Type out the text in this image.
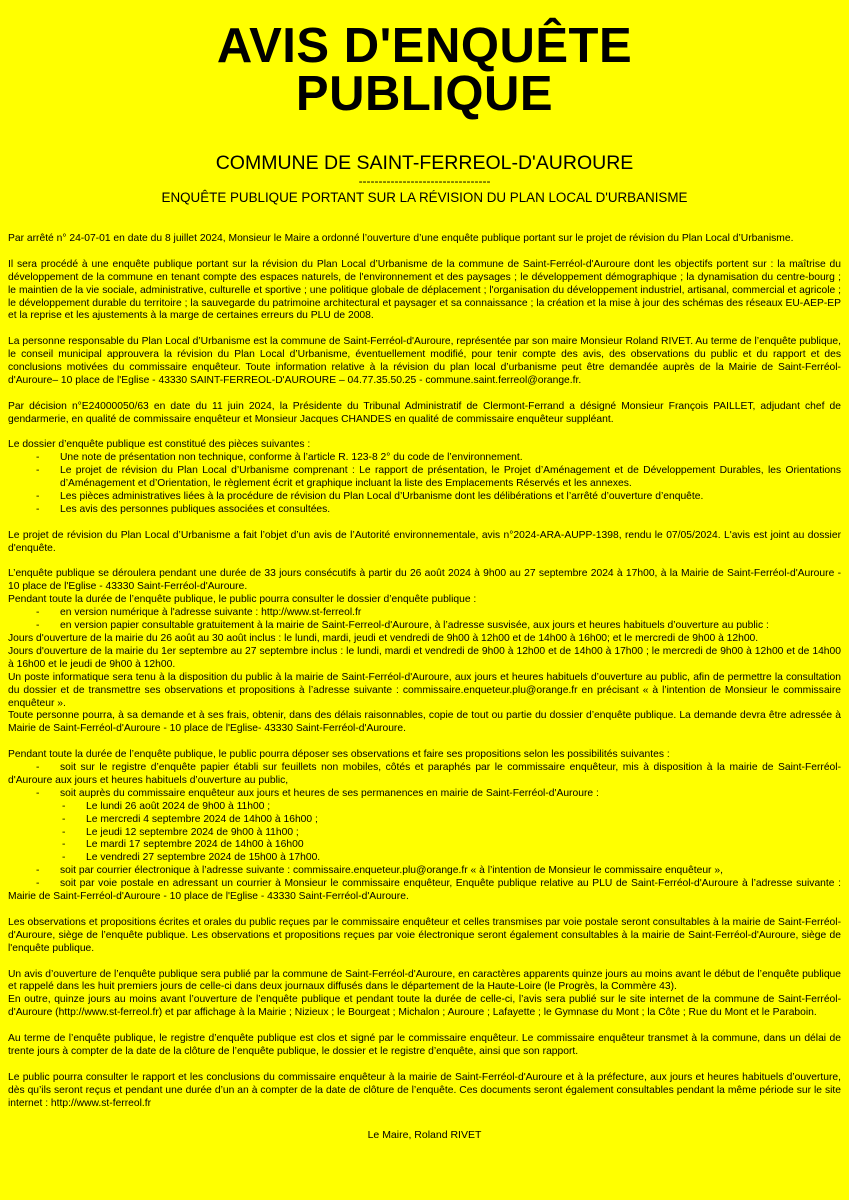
AVIS D'ENQUÊTE
PUBLIQUE
COMMUNE DE SAINT-FERREOL-D'AUROURE
---------------------------------
ENQUÊTE PUBLIQUE PORTANT SUR LA RÉVISION DU PLAN LOCAL D'URBANISME

Par arrêté n° 24-07-01 en date du 8 juillet 2024, Monsieur le Maire a ordonné l’ouverture d’une enquête publique portant sur le projet de révision du Plan Local d’Urbanisme.

Il sera procédé à une enquête publique portant sur la révision du Plan Local d’Urbanisme de la commune de Saint-Ferréol-d'Auroure dont les objectifs portent sur : la maîtrise du développement de la commune en tenant compte des espaces naturels, de l'environnement et des paysages ; le développement démographique ; la dynamisation du centre-bourg ; le maintien de la vie sociale, administrative, culturelle et sportive ; une politique globale de déplacement ; l'organisation du développement industriel, artisanal, commercial et agricole ; le développement durable du territoire ; la sauvegarde du patrimoine architectural et paysager et sa connaissance ; la création et la mise à jour des schémas des réseaux EU-AEP-EP et la reprise et les ajustements à la marge de certaines erreurs du PLU de 2008.

La personne responsable du Plan Local d’Urbanisme est la commune de Saint-Ferréol-d'Auroure, représentée par son maire Monsieur Roland RIVET. Au terme de l’enquête publique, le conseil municipal approuvera la révision du Plan Local d’Urbanisme, éventuellement modifié, pour tenir compte des avis, des observations du public et du rapport et des conclusions motivées du commissaire enquêteur. Toute information relative à la révision du plan local d’urbanisme peut être demandée auprès de la Mairie de Saint-Ferréol-d'Auroure– 10 place de l'Eglise - 43330 SAINT-FERREOL-D'AUROURE – 04.77.35.50.25 - commune.saint.ferreol@orange.fr.

Par décision n°E24000050/63 en date du 11 juin 2024, la Présidente du Tribunal Administratif de Clermont-Ferrand a désigné Monsieur François PAILLET, adjudant chef de gendarmerie, en qualité de commissaire enquêteur et Monsieur Jacques CHANDES en qualité de commissaire enquêteur suppléant.

Le dossier d’enquête publique est constitué des pièces suivantes :

- Une note de présentation non technique, conforme à l’article R. 123-8 2° du code de l’environnement.
- Le projet de révision du Plan Local d’Urbanisme comprenant : Le rapport de présentation, le Projet d’Aménagement et de Développement Durables, les Orientations d’Aménagement et d’Orientation, le règlement écrit et graphique incluant la liste des Emplacements Réservés et les annexes.
- Les pièces administratives liées à la procédure de révision du Plan Local d’Urbanisme dont les délibérations et l’arrêté d’ouverture d’enquête.
- Les avis des personnes publiques associées et consultées.

Le projet de révision du Plan Local d’Urbanisme a fait l’objet d’un avis de l’Autorité environnementale, avis n°2024-ARA-AUPP-1398, rendu le 07/05/2024. L'avis est joint au dossier d'enquête.

L’enquête publique se déroulera pendant une durée de 33 jours consécutifs à partir du 26 août 2024 à 9h00 au 27 septembre 2024 à 17h00, à la Mairie de Saint-Ferréol-d'Auroure - 10 place de l'Eglise - 43330 Saint-Ferréol-d'Auroure.

Pendant toute la durée de l’enquête publique, le public pourra consulter le dossier d’enquête publique :

- en version numérique à l'adresse suivante : http://www.st-ferreol.fr
- en version papier consultable gratuitement à la mairie de Saint-Ferreol-d'Auroure, à l’adresse susvisée, aux jours et heures habituels d’ouverture au public :

Jours d'ouverture de la mairie du 26 août au 30 août inclus : le lundi, mardi, jeudi et vendredi de 9h00 à 12h00 et de 14h00 à 16h00; et le mercredi de 9h00 à 12h00.

Jours d'ouverture de la mairie du 1er septembre au 27 septembre inclus : le lundi, mardi et vendredi de 9h00 à 12h00 et de 14h00 à 17h00 ; le mercredi de 9h00 à 12h00 et de 14h00 à 16h00 et le jeudi de 9h00 à 12h00.

Un poste informatique sera tenu à la disposition du public à la mairie de Saint-Ferréol-d'Auroure, aux jours et heures habituels d’ouverture au public, afin de permettre la consultation du dossier et de transmettre ses observations et propositions à l’adresse suivante : commissaire.enqueteur.plu@orange.fr en précisant « à l’intention de Monsieur le commissaire enquêteur ».

Toute personne pourra, à sa demande et à ses frais, obtenir, dans des délais raisonnables, copie de tout ou partie du dossier d’enquête publique. La demande devra être adressée à Mairie de Saint-Ferréol-d'Auroure - 10 place de l'Eglise- 43330 Saint-Ferréol-d'Auroure.

Pendant toute la durée de l’enquête publique, le public pourra déposer ses observations et faire ses propositions selon les possibilités suivantes :

- soit sur le registre d’enquête papier établi sur feuillets non mobiles, côtés et paraphés par le commissaire enquêteur, mis à disposition à la mairie de Saint-Ferréol-d'Auroure aux jours et heures habituels d’ouverture au public,
- soit auprès du commissaire enquêteur aux jours et heures de ses permanences en mairie de Saint-Ferréol-d'Auroure :
- Le lundi 26 août 2024 de 9h00 à 11h00 ;
- Le mercredi 4 septembre 2024 de 14h00 à 16h00 ;
- Le jeudi 12 septembre 2024 de 9h00 à 11h00 ;
- Le mardi 17 septembre 2024 de 14h00 à 16h00
- Le vendredi 27 septembre 2024 de 15h00 à 17h00.
- soit par courrier électronique à l’adresse suivante : commissaire.enqueteur.plu@orange.fr « à l’intention de Monsieur le commissaire enquêteur »,
- soit par voie postale en adressant un courrier à Monsieur le commissaire enquêteur, Enquête publique relative au PLU de Saint-Ferréol-d'Auroure à l’adresse suivante : Mairie de Saint-Ferréol-d'Auroure - 10 place de l'Eglise - 43330 Saint-Ferréol-d'Auroure.

Les observations et propositions écrites et orales du public reçues par le commissaire enquêteur et celles transmises par voie postale seront consultables à la mairie de Saint-Ferréol-d'Auroure, siège de l’enquête publique. Les observations et propositions reçues par voie électronique seront également consultables à la mairie de Saint-Ferréol-d'Auroure, siège de l'enquête publique.

Un avis d’ouverture de l’enquête publique sera publié par la commune de Saint-Ferréol-d'Auroure, en caractères apparents quinze jours au moins avant le début de l’enquête publique et rappelé dans les huit premiers jours de celle-ci dans deux journaux diffusés dans le département de la Haute-Loire (le Progrès, la Commère 43).

En outre, quinze jours au moins avant l’ouverture de l’enquête publique et pendant toute la durée de celle-ci, l’avis sera publié sur le site internet de la commune de Saint-Ferréol-d'Auroure (http://www.st-ferreol.fr) et par affichage à la Mairie ; Nizieux ; le Bourgeat ; Michalon ; Auroure ; Lafayette ; le Gymnase du Mont ; la Côte ; Rue du Mont et le Paraboin.

Au terme de l’enquête publique, le registre d’enquête publique est clos et signé par le commissaire enquêteur. Le commissaire enquêteur transmet à la commune, dans un délai de trente jours à compter de la date de la clôture de l’enquête publique, le dossier et le registre d’enquête, ainsi que son rapport.

Le public pourra consulter le rapport et les conclusions du commissaire enquêteur à la mairie de Saint-Ferréol-d'Auroure et à la préfecture, aux jours et heures habituels d’ouverture, dès qu’ils seront reçus et pendant une durée d’un an à compter de la date de clôture de l’enquête. Ces documents seront également consultables pendant la même période sur le site internet : http://www.st-ferreol.fr

Le Maire, Roland RIVET
